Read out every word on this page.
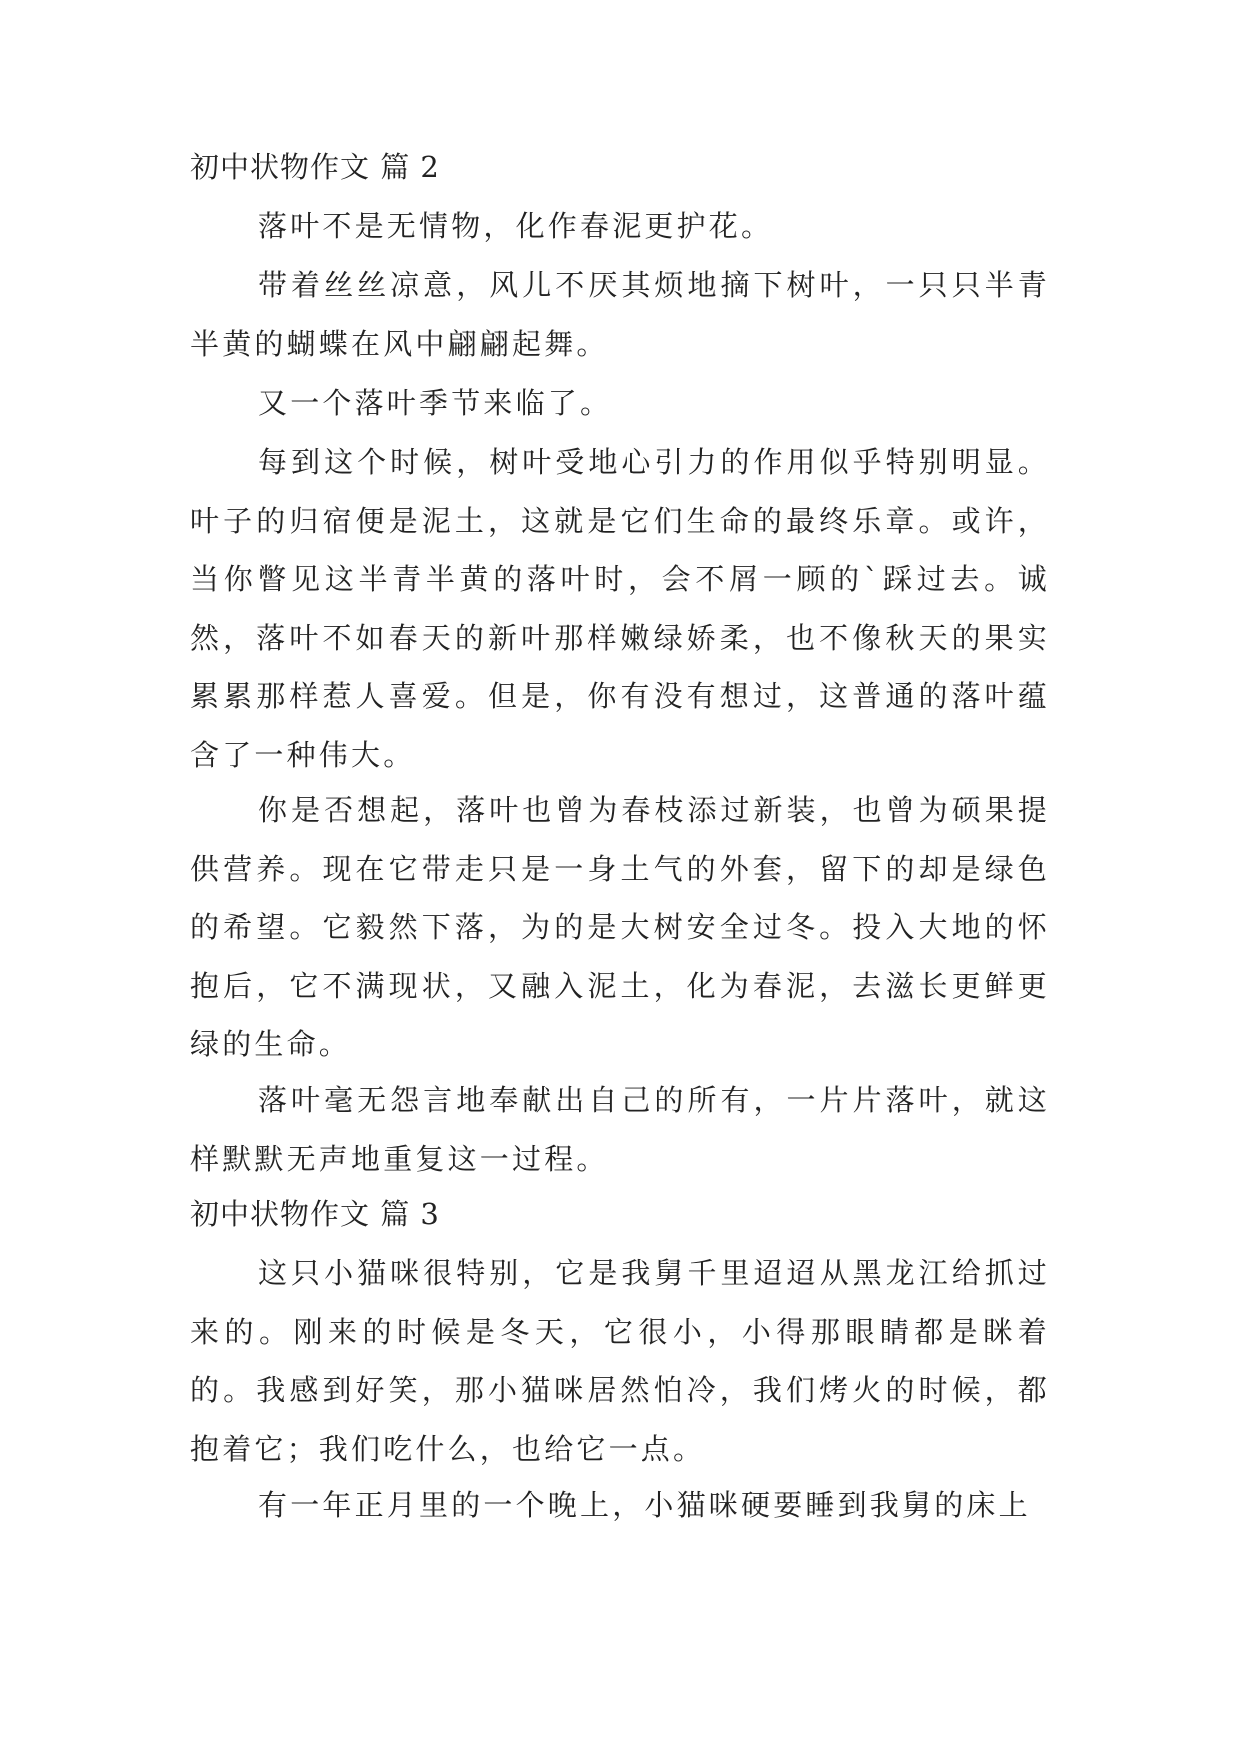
初中状物作文 篇 2

落叶不是无情物，化作春泥更护花。

带着丝丝凉意，风儿不厌其烦地摘下树叶，一只只半青半黄的蝴蝶在风中翩翩起舞。

又一个落叶季节来临了。

每到这个时候，树叶受地心引力的作用似乎特别明显。叶子的归宿便是泥土，这就是它们生命的最终乐章。或许，当你瞥见这半青半黄的落叶时，会不屑一顾的`踩过去。诚然，落叶不如春天的新叶那样嫩绿娇柔，也不像秋天的果实累累那样惹人喜爱。但是，你有没有想过，这普通的落叶蕴含了一种伟大。

你是否想起，落叶也曾为春枝添过新装，也曾为硕果提供营养。现在它带走只是一身土气的外套，留下的却是绿色的希望。它毅然下落，为的是大树安全过冬。投入大地的怀抱后，它不满现状，又融入泥土，化为春泥，去滋长更鲜更绿的生命。

落叶毫无怨言地奉献出自己的所有，一片片落叶，就这样默默无声地重复这一过程。

初中状物作文 篇 3

这只小猫咪很特别，它是我舅千里迢迢从黑龙江给抓过来的。刚来的时候是冬天，它很小，小得那眼睛都是眯着的。我感到好笑，那小猫咪居然怕冷，我们烤火的时候，都抱着它；我们吃什么，也给它一点。

有一年正月里的一个晚上，小猫咪硬要睡到我舅的床上
